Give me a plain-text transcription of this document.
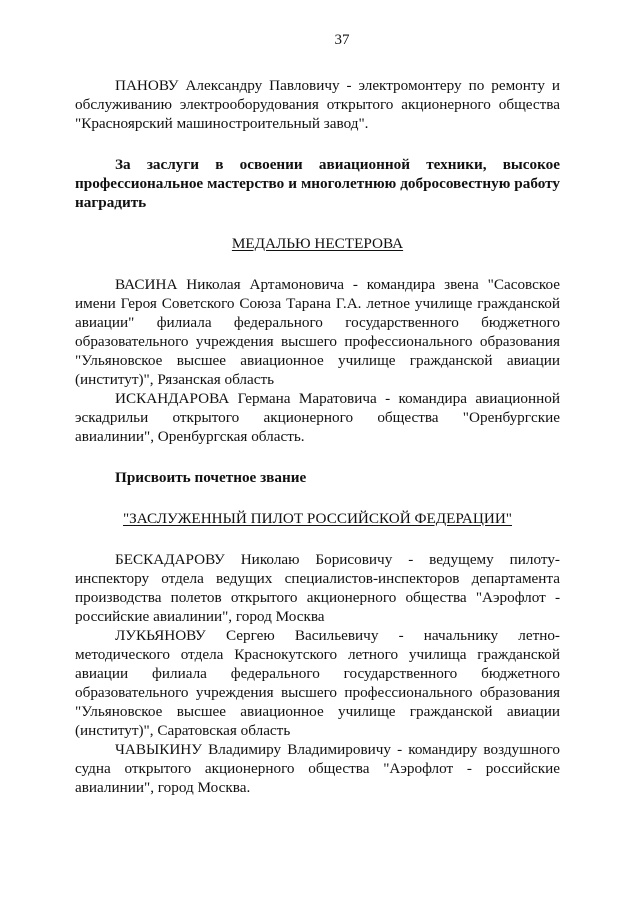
37

ПАНОВУ Александру Павловичу - электромонтеру по ремонту и обслуживанию электрооборудования открытого акционерного общества "Красноярский машиностроительный завод".

За заслуги в освоении авиационной техники, высокое профессиональное мастерство и многолетнюю добросовестную работу наградить

МЕДАЛЬЮ НЕСТЕРОВА

ВАСИНА Николая Артамоновича - командира звена "Сасовское имени Героя Советского Союза Тарана Г.А. летное училище гражданской авиации" филиала федерального государственного бюджетного образовательного учреждения высшего профессионального образования "Ульяновское высшее авиационное училище гражданской авиации (институт)", Рязанская область

ИСКАНДАРОВА Германа Маратовича - командира авиационной эскадрильи открытого акционерного общества "Оренбургские авиалинии", Оренбургская область.

Присвоить почетное звание

"ЗАСЛУЖЕННЫЙ ПИЛОТ РОССИЙСКОЙ ФЕДЕРАЦИИ"

БЕСКАДАРОВУ Николаю Борисовичу - ведущему пилоту-инспектору отдела ведущих специалистов-инспекторов департамента производства полетов открытого акционерного общества "Аэрофлот - российские авиалинии", город Москва

ЛУКЬЯНОВУ Сергею Васильевичу - начальнику летно-методического отдела Краснокутского летного училища гражданской авиации филиала федерального государственного бюджетного образовательного учреждения высшего профессионального образования "Ульяновское высшее авиационное училище гражданской авиации (институт)", Саратовская область

ЧАВЫКИНУ Владимиру Владимировичу - командиру воздушного судна открытого акционерного общества "Аэрофлот - российские авиалинии", город Москва.
